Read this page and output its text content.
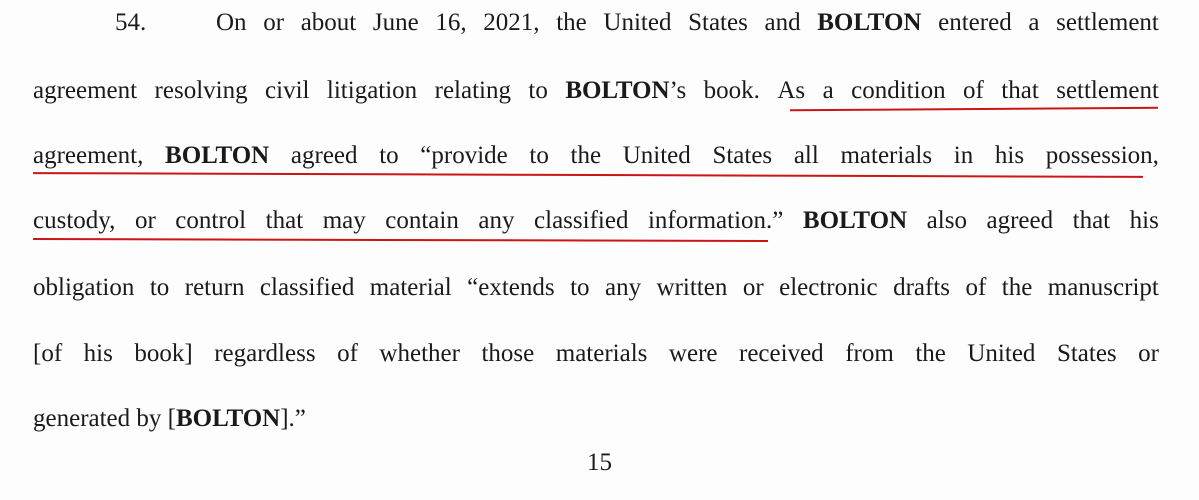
54.	On or about June 16, 2021, the United States and BOLTON entered a settlement
agreement resolving civil litigation relating to BOLTON’s book. As a condition of that settlement
agreement, BOLTON agreed to “provide to the United States all materials in his possession,
custody, or control that may contain any classified information.” BOLTON also agreed that his
obligation to return classified material “extends to any written or electronic drafts of the manuscript
[of his book] regardless of whether those materials were received from the United States or
generated
by
[BOLTON].”
15
